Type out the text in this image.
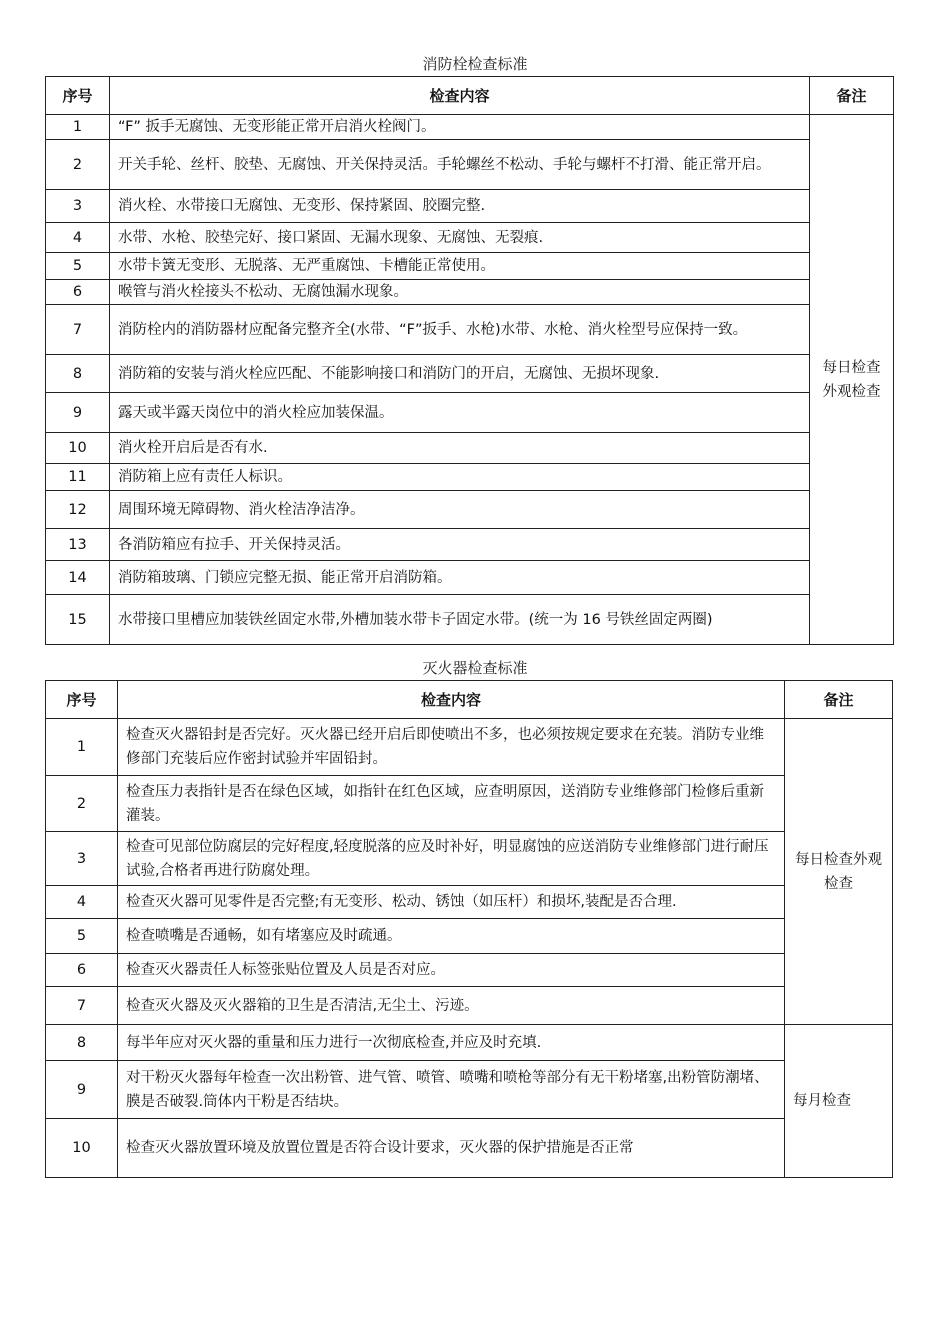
消防栓检查标准
序号	检查内容	备注
1	“F” 扳手无腐蚀、无变形能正常开启消火栓阀门。	每日检查外观检查
2	开关手轮、丝杆、胶垫、无腐蚀、开关保持灵活。手轮螺丝不松动、手轮与螺杆不打滑、能正常开启。	
3	消火栓、水带接口无腐蚀、无变形、保持紧固、胶圈完整.	
4	水带、水枪、胶垫完好、接口紧固、无漏水现象、无腐蚀、无裂痕.	
5	水带卡簧无变形、无脱落、无严重腐蚀、卡槽能正常使用。	
6	喉管与消火栓接头不松动、无腐蚀漏水现象。	
7	消防栓内的消防器材应配备完整齐全(水带、“F”扳手、水枪)水带、水枪、消火栓型号应保持一致。	
8	消防箱的安装与消火栓应匹配、不能影响接口和消防门的开启，无腐蚀、无损坏现象.	
9	露天或半露天岗位中的消火栓应加装保温。	
10	消火栓开启后是否有水.	
11	消防箱上应有责任人标识。	
12	周围环境无障碍物、消火栓洁净洁净。	
13	各消防箱应有拉手、开关保持灵活。	
14	消防箱玻璃、门锁应完整无损、能正常开启消防箱。	
15	水带接口里槽应加装铁丝固定水带,外槽加装水带卡子固定水带。(统一为 16 号铁丝固定两圈)	
灭火器检查标准
序号	检查内容	备注
1	检查灭火器铅封是否完好。灭火器已经开启后即使喷出不多，也必须按规定要求在充装。消防专业维修部门充装后应作密封试验并牢固铅封。	每日检查外观检查
2	检查压力表指针是否在绿色区域，如指针在红色区域，应查明原因，送消防专业维修部门检修后重新灌装。	
3	检查可见部位防腐层的完好程度,轻度脱落的应及时补好，明显腐蚀的应送消防专业维修部门进行耐压试验,合格者再进行防腐处理。	
4	检查灭火器可见零件是否完整;有无变形、松动、锈蚀（如压杆）和损坏,装配是否合理.	
5	检查喷嘴是否通畅，如有堵塞应及时疏通。	
6	检查灭火器责任人标签张贴位置及人员是否对应。	
7	检查灭火器及灭火器箱的卫生是否清洁,无尘土、污迹。	
8	每半年应对灭火器的重量和压力进行一次彻底检查,并应及时充填.	每月检查
9	对干粉灭火器每年检查一次出粉管、进气管、喷管、喷嘴和喷枪等部分有无干粉堵塞,出粉管防潮堵、膜是否破裂.筒体内干粉是否结块。	
10	检查灭火器放置环境及放置位置是否符合设计要求，灭火器的保护措施是否正常	
